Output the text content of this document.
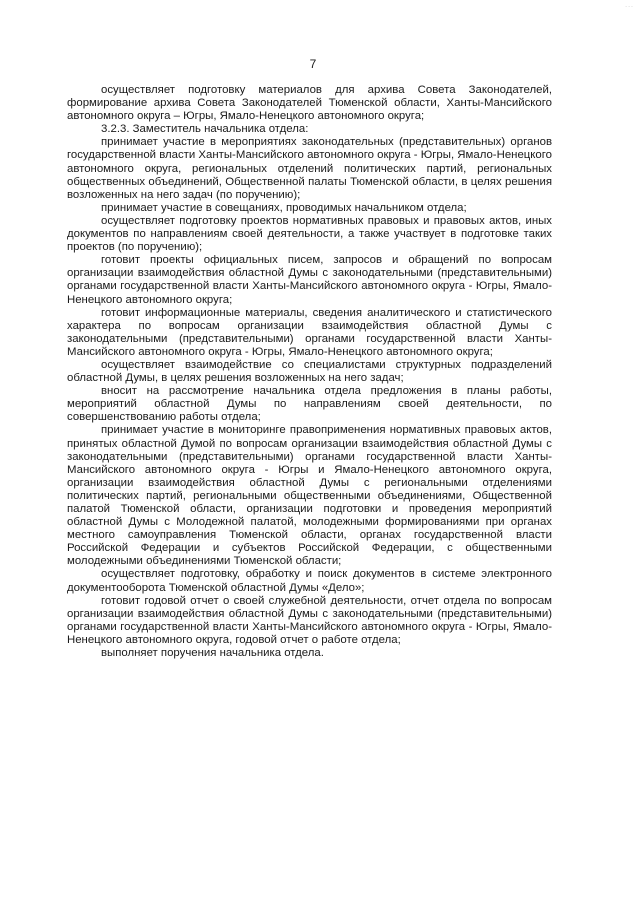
...
7

осуществляет подготовку материалов для архива Совета Законодателей, формирование архива Совета Законодателей Тюменской области, Ханты-Мансийского автономного округа – Югры, Ямало-Ненецкого автономного округа;

3.2.3. Заместитель начальника отдела:

принимает участие в мероприятиях законодательных (представительных) органов государственной власти Ханты-Мансийского автономного округа - Югры, Ямало-Ненецкого автономного округа, региональных отделений политических партий, региональных общественных объединений, Общественной палаты Тюменской области, в целях решения возложенных на него задач (по поручению);

принимает участие в совещаниях, проводимых начальником отдела;

осуществляет подготовку проектов нормативных правовых и правовых актов, иных документов по направлениям своей деятельности, а также участвует в подготовке таких проектов (по поручению);

готовит проекты официальных писем, запросов и обращений по вопросам организации взаимодействия областной Думы с законодательными (представительными) органами государственной власти Ханты-Мансийского автономного округа - Югры, Ямало-Ненецкого автономного округа;

готовит информационные материалы, сведения аналитического и статистического характера по вопросам организации взаимодействия областной Думы с законодательными (представительными) органами государственной власти Ханты-Мансийского автономного округа - Югры, Ямало-Ненецкого автономного округа;

осуществляет взаимодействие со специалистами структурных подразделений областной Думы, в целях решения возложенных на него задач;

вносит на рассмотрение начальника отдела предложения в планы работы, мероприятий областной Думы по направлениям своей деятельности, по совершенствованию работы отдела;

принимает участие в мониторинге правоприменения нормативных правовых актов, принятых областной Думой по вопросам организации взаимодействия областной Думы с законодательными (представительными) органами государственной власти Ханты-Мансийского автономного округа - Югры и Ямало-Ненецкого автономного округа, организации взаимодействия областной Думы с региональными отделениями политических партий, региональными общественными объединениями, Общественной палатой Тюменской области, организации подготовки и проведения мероприятий областной Думы с Молодежной палатой, молодежными формированиями при органах местного самоуправления Тюменской области, органах государственной власти Российской Федерации и субъектов Российской Федерации, с общественными молодежными объединениями Тюменской области;

осуществляет подготовку, обработку и поиск документов в системе электронного документооборота Тюменской областной Думы «Дело»;

готовит годовой отчет о своей служебной деятельности, отчет отдела по вопросам организации взаимодействия областной Думы с законодательными (представительными) органами государственной власти Ханты-Мансийского автономного округа - Югры, Ямало-Ненецкого автономного округа, годовой отчет о работе отдела;

выполняет поручения начальника отдела.
